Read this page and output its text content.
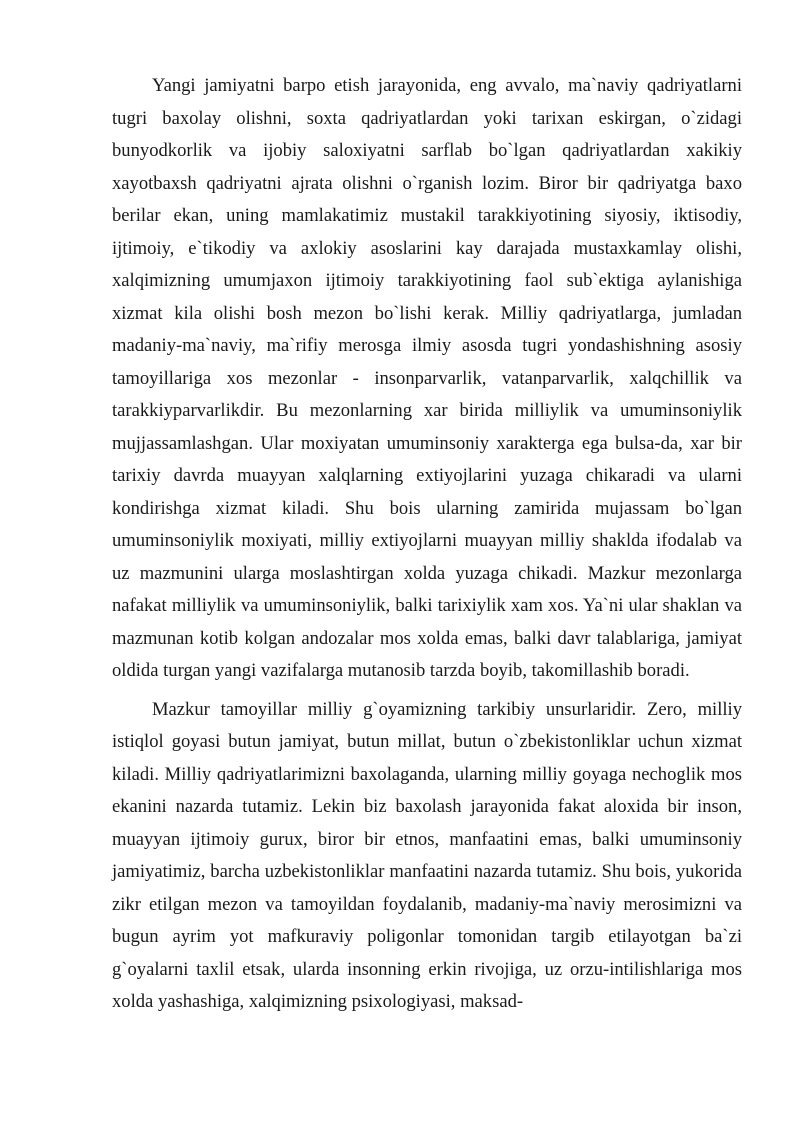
Yangi jamiyatni barpo etish jarayonida, eng avvalo, ma`naviy qadriyatlarni tugri baxolay olishni, soxta qadriyatlardan yoki tarixan eskirgan, o`zidagi bunyodkorlik va ijobiy saloxiyatni sarflab bo`lgan qadriyatlardan xakikiy xayotbaxsh qadriyatni ajrata olishni o`rganish lozim. Biror bir qadriyatga baxo berilar ekan, uning mamlakatimiz mustakil tarakkiyotining siyosiy, iktisodiy, ijtimoiy, e`tikodiy va axlokiy asoslarini kay darajada mustaxkamlay olishi, xalqimizning umumjaxon ijtimoiy tarakkiyotining faol sub`ektiga aylanishiga xizmat kila olishi bosh mezon bo`lishi kerak. Milliy qadriyatlarga, jumladan madaniy-ma`naviy, ma`rifiy merosga ilmiy asosda tugri yondashishning asosiy tamoyillariga xos mezonlar - insonparvarlik, vatanparvarlik, xalqchillik va tarakkiyparvarlikdir. Bu mezonlarning xar birida milliylik va umuminsoniylik mujjassamlashgan. Ular moxiyatan umuminsoniy xarakterga ega bulsa-da, xar bir tarixiy davrda muayyan xalqlarning extiyojlarini yuzaga chikaradi va ularni kondirishga xizmat kiladi. Shu bois ularning zamirida mujassam bo`lgan umuminsoniylik moxiyati, milliy extiyojlarni muayyan milliy shaklda ifodalab va uz mazmunini ularga moslashtirgan xolda yuzaga chikadi. Mazkur mezonlarga nafakat milliylik va umuminsoniylik, balki tarixiylik xam xos. Ya`ni ular shaklan va mazmunan kotib kolgan andozalar mos xolda emas, balki davr talablariga, jamiyat oldida turgan yangi vazifalarga mutanosib tarzda boyib, takomillashib boradi.

Mazkur tamoyillar milliy g`oyamizning tarkibiy unsurlaridir. Zero, milliy istiqlol goyasi butun jamiyat, butun millat, butun o`zbekistonliklar uchun xizmat kiladi. Milliy qadriyatlarimizni baxolaganda, ularning milliy goyaga nechoglik mos ekanini nazarda tutamiz. Lekin biz baxolash jarayonida fakat aloxida bir inson, muayyan ijtimoiy gurux, biror bir etnos, manfaatini emas, balki umuminsoniy jamiyatimiz, barcha uzbekistonliklar manfaatini nazarda tutamiz. Shu bois, yukorida zikr etilgan mezon va tamoyildan foydalanib, madaniy-ma`naviy merosimizni va bugun ayrim yot mafkuraviy poligonlar tomonidan targib etilayotgan ba`zi g`oyalarni taxlil etsak, ularda insonning erkin rivojiga, uz orzu-intilishlariga mos xolda yashashiga, xalqimizning psixologiyasi, maksad-
